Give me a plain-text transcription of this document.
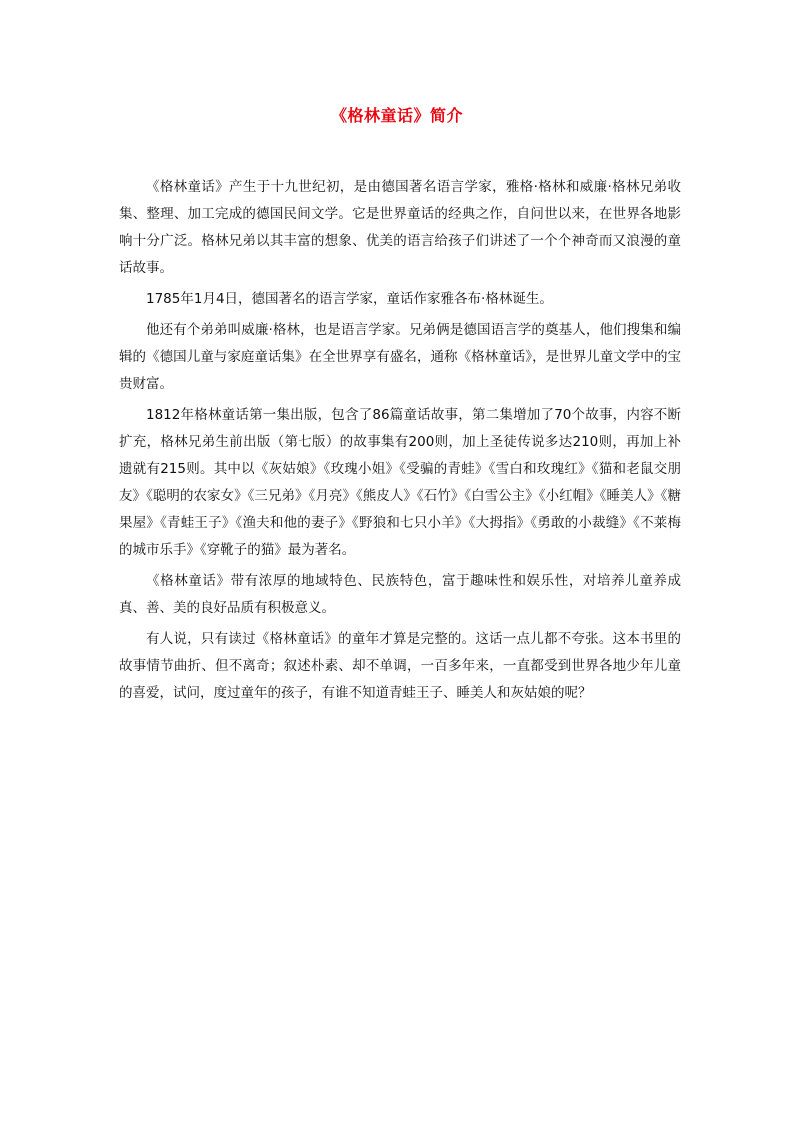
《格林童话》简介

《格林童话》产生于十九世纪初，是由德国著名语言学家，雅格·格林和威廉·格林兄弟收集、整理、加工完成的德国民间文学。它是世界童话的经典之作，自问世以来，在世界各地影响十分广泛。格林兄弟以其丰富的想象、优美的语言给孩子们讲述了一个个神奇而又浪漫的童话故事。

1785年1月4日，德国著名的语言学家，童话作家雅各布·格林诞生。

他还有个弟弟叫威廉·格林，也是语言学家。兄弟俩是德国语言学的奠基人，他们搜集和编辑的《德国儿童与家庭童话集》在全世界享有盛名，通称《格林童话》，是世界儿童文学中的宝贵财富。

1812年格林童话第一集出版，包含了86篇童话故事，第二集增加了70个故事，内容不断扩充，格林兄弟生前出版（第七版）的故事集有200则，加上圣徒传说多达210则，再加上补遗就有215则。其中以《灰姑娘》《玫瑰小姐》《受骗的青蛙》《雪白和玫瑰红》《猫和老鼠交朋友》《聪明的农家女》《三兄弟》《月亮》《熊皮人》《石竹》《白雪公主》《小红帽》《睡美人》《糖果屋》《青蛙王子》《渔夫和他的妻子》《野狼和七只小羊》《大拇指》《勇敢的小裁缝》《不莱梅的城市乐手》《穿靴子的猫》最为著名。

《格林童话》带有浓厚的地域特色、民族特色，富于趣味性和娱乐性，对培养儿童养成真、善、美的良好品质有积极意义。

有人说，只有读过《格林童话》的童年才算是完整的。这话一点儿都不夸张。这本书里的故事情节曲折、但不离奇；叙述朴素、却不单调，一百多年来，一直都受到世界各地少年儿童的喜爱，试问，度过童年的孩子，有谁不知道青蛙王子、睡美人和灰姑娘的呢？
